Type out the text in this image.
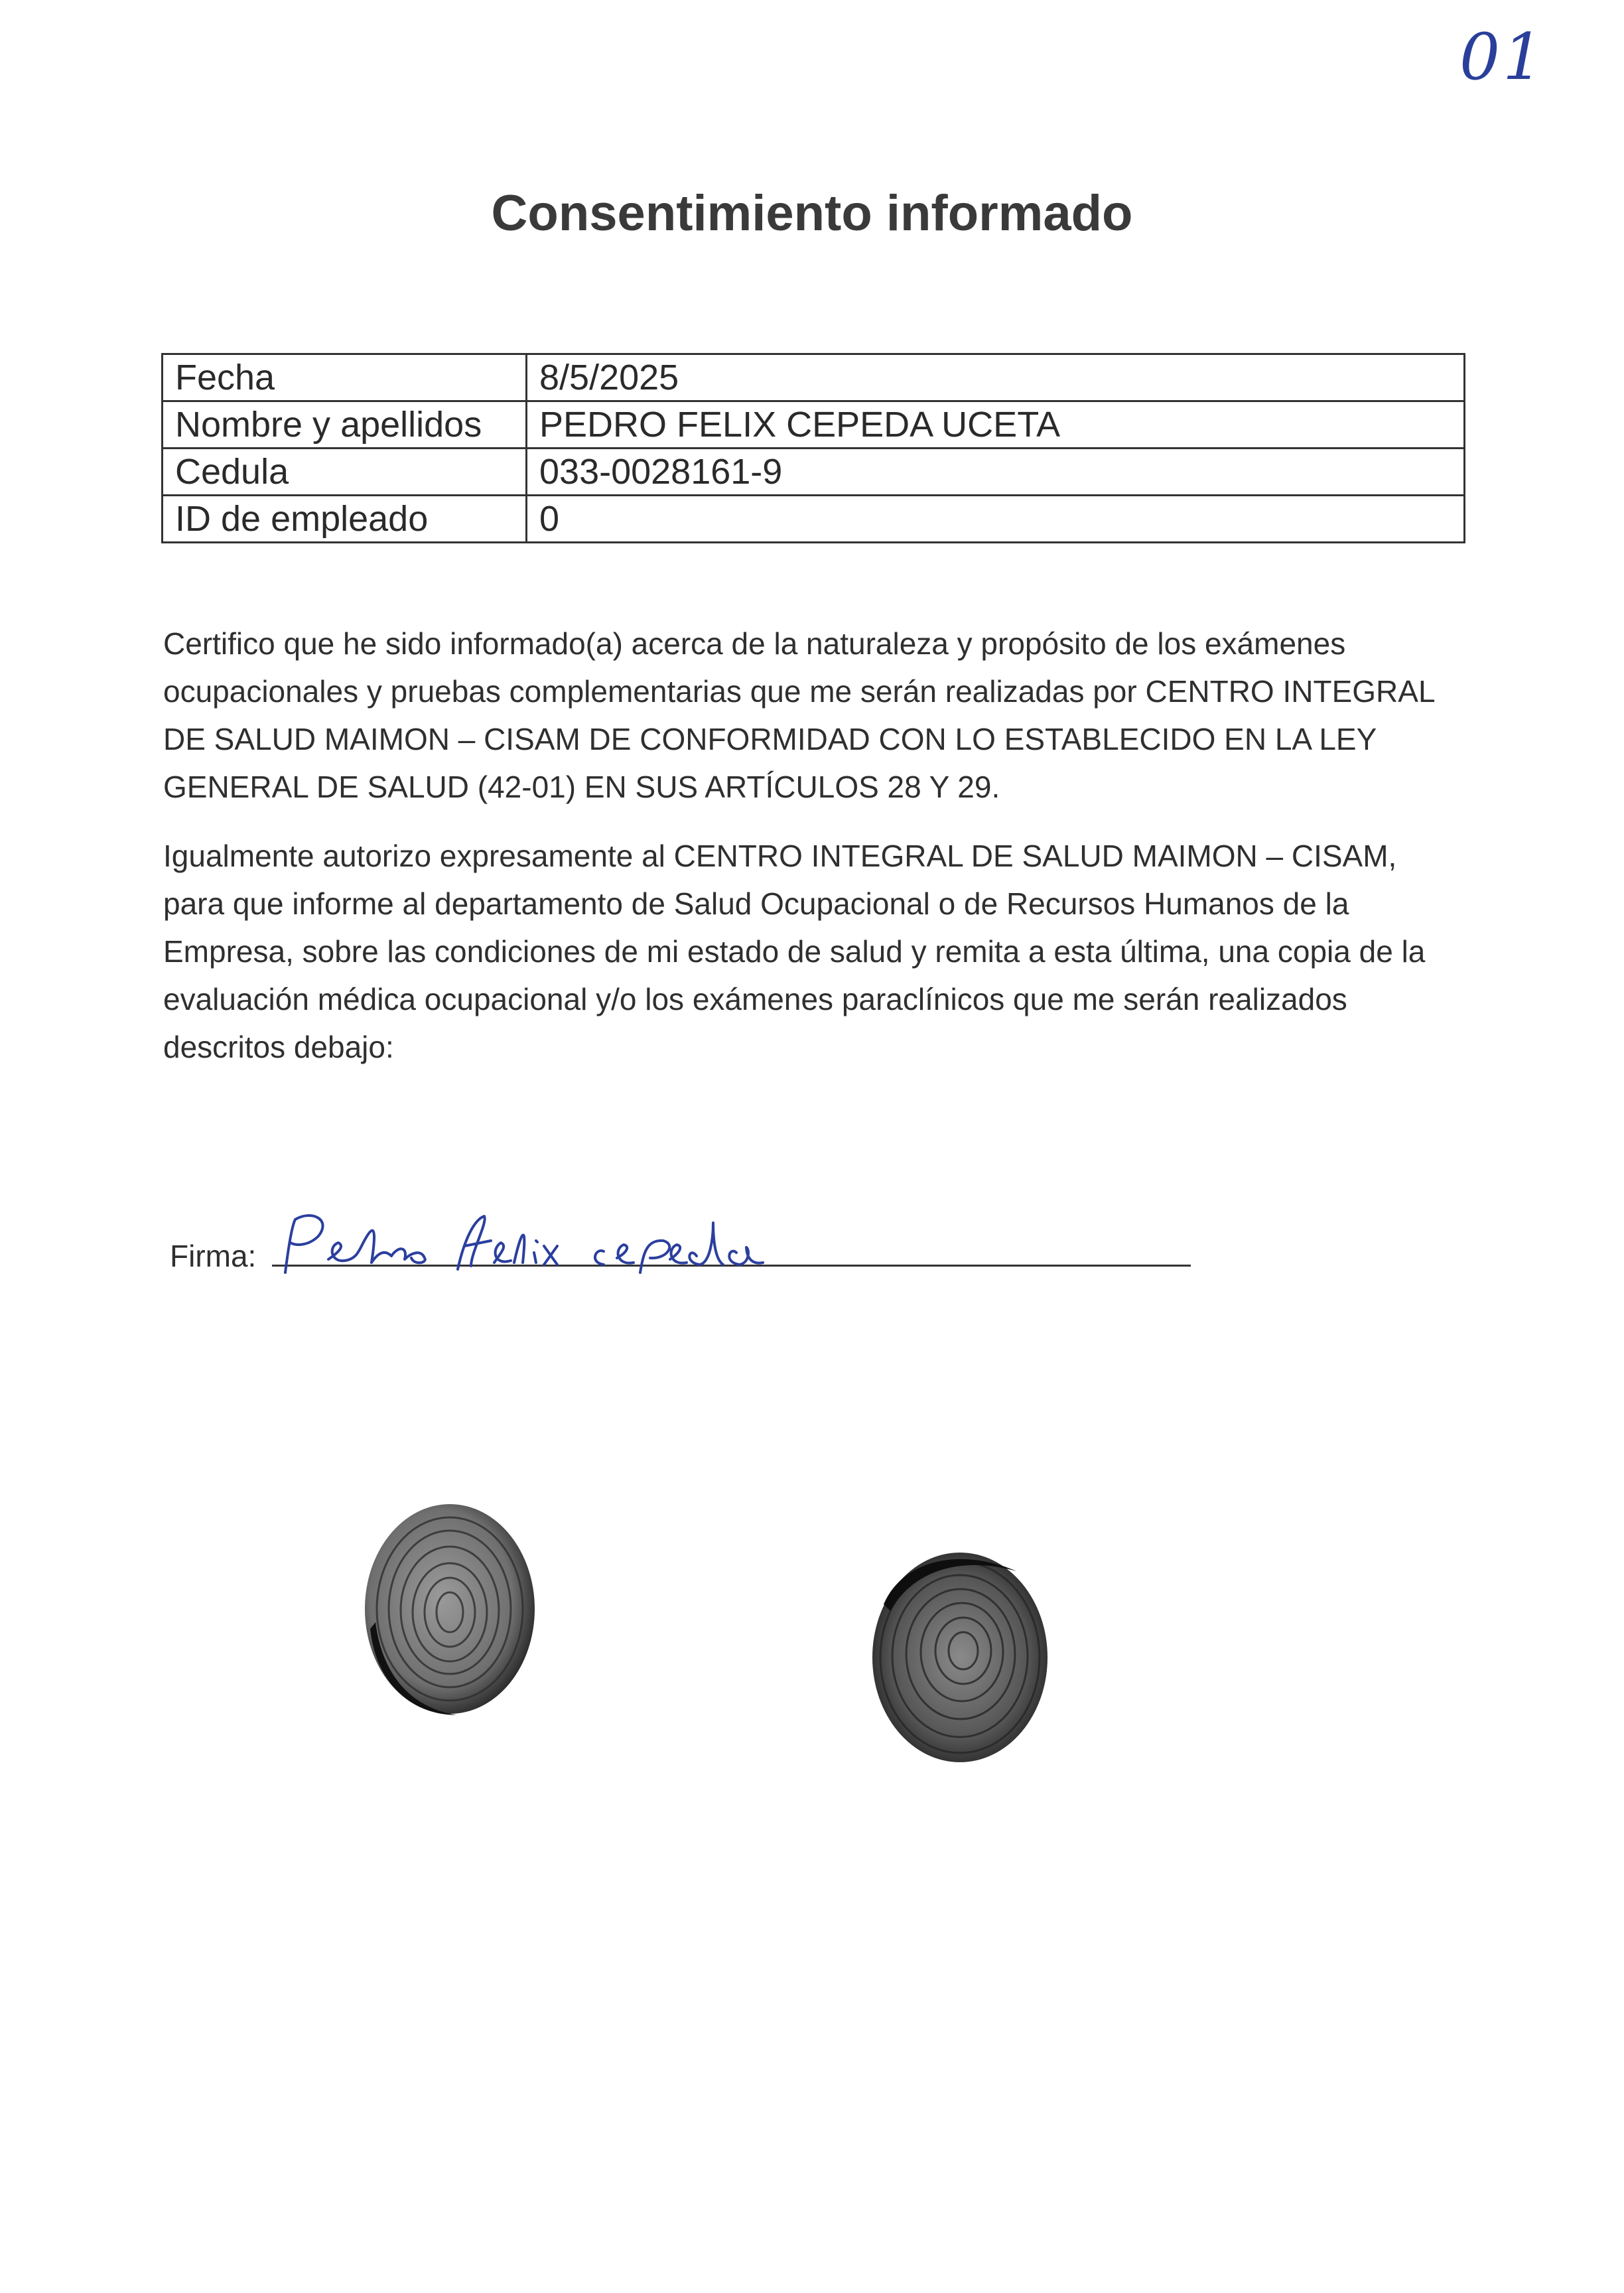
01
Consentimiento informado
Fecha	8/5/2025
Nombre y apellidos	PEDRO FELIX CEPEDA UCETA
Cedula	033-0028161-9
ID de empleado	0

Certifico que he sido informado(a) acerca de la naturaleza y propósito de los exámenes ocupacionales y pruebas complementarias que me serán realizadas por CENTRO INTEGRAL DE SALUD MAIMON – CISAM DE CONFORMIDAD CON LO ESTABLECIDO EN LA LEY GENERAL DE SALUD (42-01) EN SUS ARTÍCULOS 28 Y 29.

Igualmente autorizo expresamente al CENTRO INTEGRAL DE SALUD MAIMON – CISAM, para que informe al departamento de Salud Ocupacional o de Recursos Humanos de la Empresa, sobre las condiciones de mi estado de salud y remita a esta última, una copia de la evaluación médica ocupacional y/o los exámenes paraclínicos que me serán realizados descritos debajo:

Firma:
